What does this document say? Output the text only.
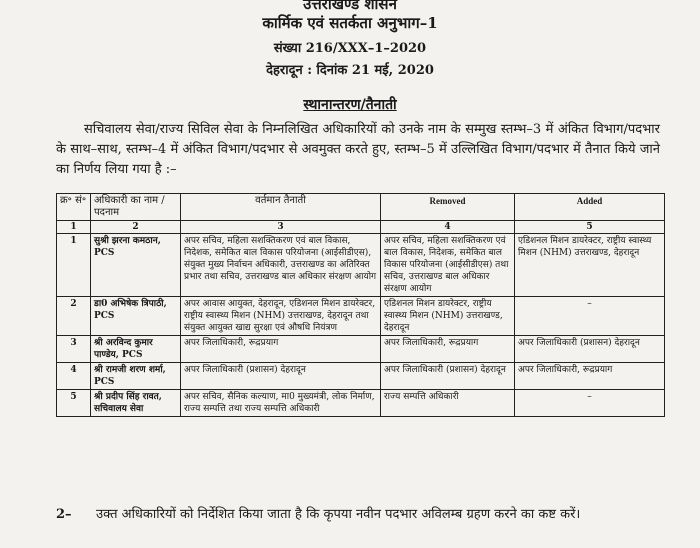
उत्तराखण्ड शासन
कार्मिक एवं सतर्कता अनुभाग–1
संख्या 216/XXX–1–2020
देहरादून : दिनांक 21 मई, 2020
स्थानान्तरण/तैनाती
सचिवालय सेवा/राज्य सिविल सेवा के निम्नलिखित अधिकारियों को उनके नाम के सम्मुख स्तम्भ–3 में अंकित विभाग/पदभार के साथ–साथ, स्तम्भ–4 में अंकित विभाग/पदभार से अवमुक्त करते हुए, स्तम्भ–5 में उल्लिखित विभाग/पदभार में तैनात किये जाने का निर्णय लिया गया है :–
क्र॰ सं॰	अधिकारी का नाम /पदनाम	वर्तमान तैनाती	Removed	Added
1	2	3	4	5
1	सुश्री झरना कमठान, PCS	अपर सचिव, महिला सशक्तिकरण एवं बाल विकास, निदेशक, समेकित बाल विकास परियोजना (आईसीडीएस), संयुक्त मुख्य निर्वाचन अधिकारी, उत्तराखण्ड का अतिरिक्त प्रभार तथा सचिव, उत्तराखण्ड बाल अधिकार संरक्षण आयोग	अपर सचिव, महिला सशक्तिकरण एवं बाल विकास, निदेशक, समेकित बाल विकास परियोजना (आईसीडीएस) तथा सचिव, उत्तराखण्ड बाल अधिकार संरक्षण आयोग	एडिशनल मिशन डायरेक्टर, राष्ट्रीय स्वास्थ्य मिशन (NHM) उत्तराखण्ड, देहरादून
2	डा0 अभिषेक त्रिपाठी, PCS	अपर आवास आयुक्त, देहरादून, एडिशनल मिशन डायरेक्टर, राष्ट्रीय स्वास्थ्य मिशन (NHM) उत्तराखण्ड, देहरादून तथा संयुक्त आयुक्त खाद्य सुरक्षा एवं औषधि नियंत्रण	एडिशनल मिशन डायरेक्टर, राष्ट्रीय स्वास्थ्य मिशन (NHM) उत्तराखण्ड, देहरादून	–
3	श्री अरविन्द कुमार पाण्डेय, PCS	अपर जिलाधिकारी, रूद्रप्रयाग	अपर जिलाधिकारी, रूद्रप्रयाग	अपर जिलाधिकारी (प्रशासन) देहरादून
4	श्री रामजी शरण शर्मा, PCS	अपर जिलाधिकारी (प्रशासन) देहरादून	अपर जिलाधिकारी (प्रशासन) देहरादून	अपर जिलाधिकारी, रूद्रप्रयाग
5	श्री प्रदीप सिंह रावत, सचिवालय सेवा	अपर सचिव, सैनिक कल्याण, मा0 मुख्यमंत्री, लोक निर्माण, राज्य सम्पत्ति तथा राज्य सम्पत्ति अधिकारी	राज्य सम्पत्ति अधिकारी	–
2– उक्त अधिकारियों को निर्देशित किया जाता है कि कृपया नवीन पदभार अविलम्ब ग्रहण करने का कष्ट करें।
